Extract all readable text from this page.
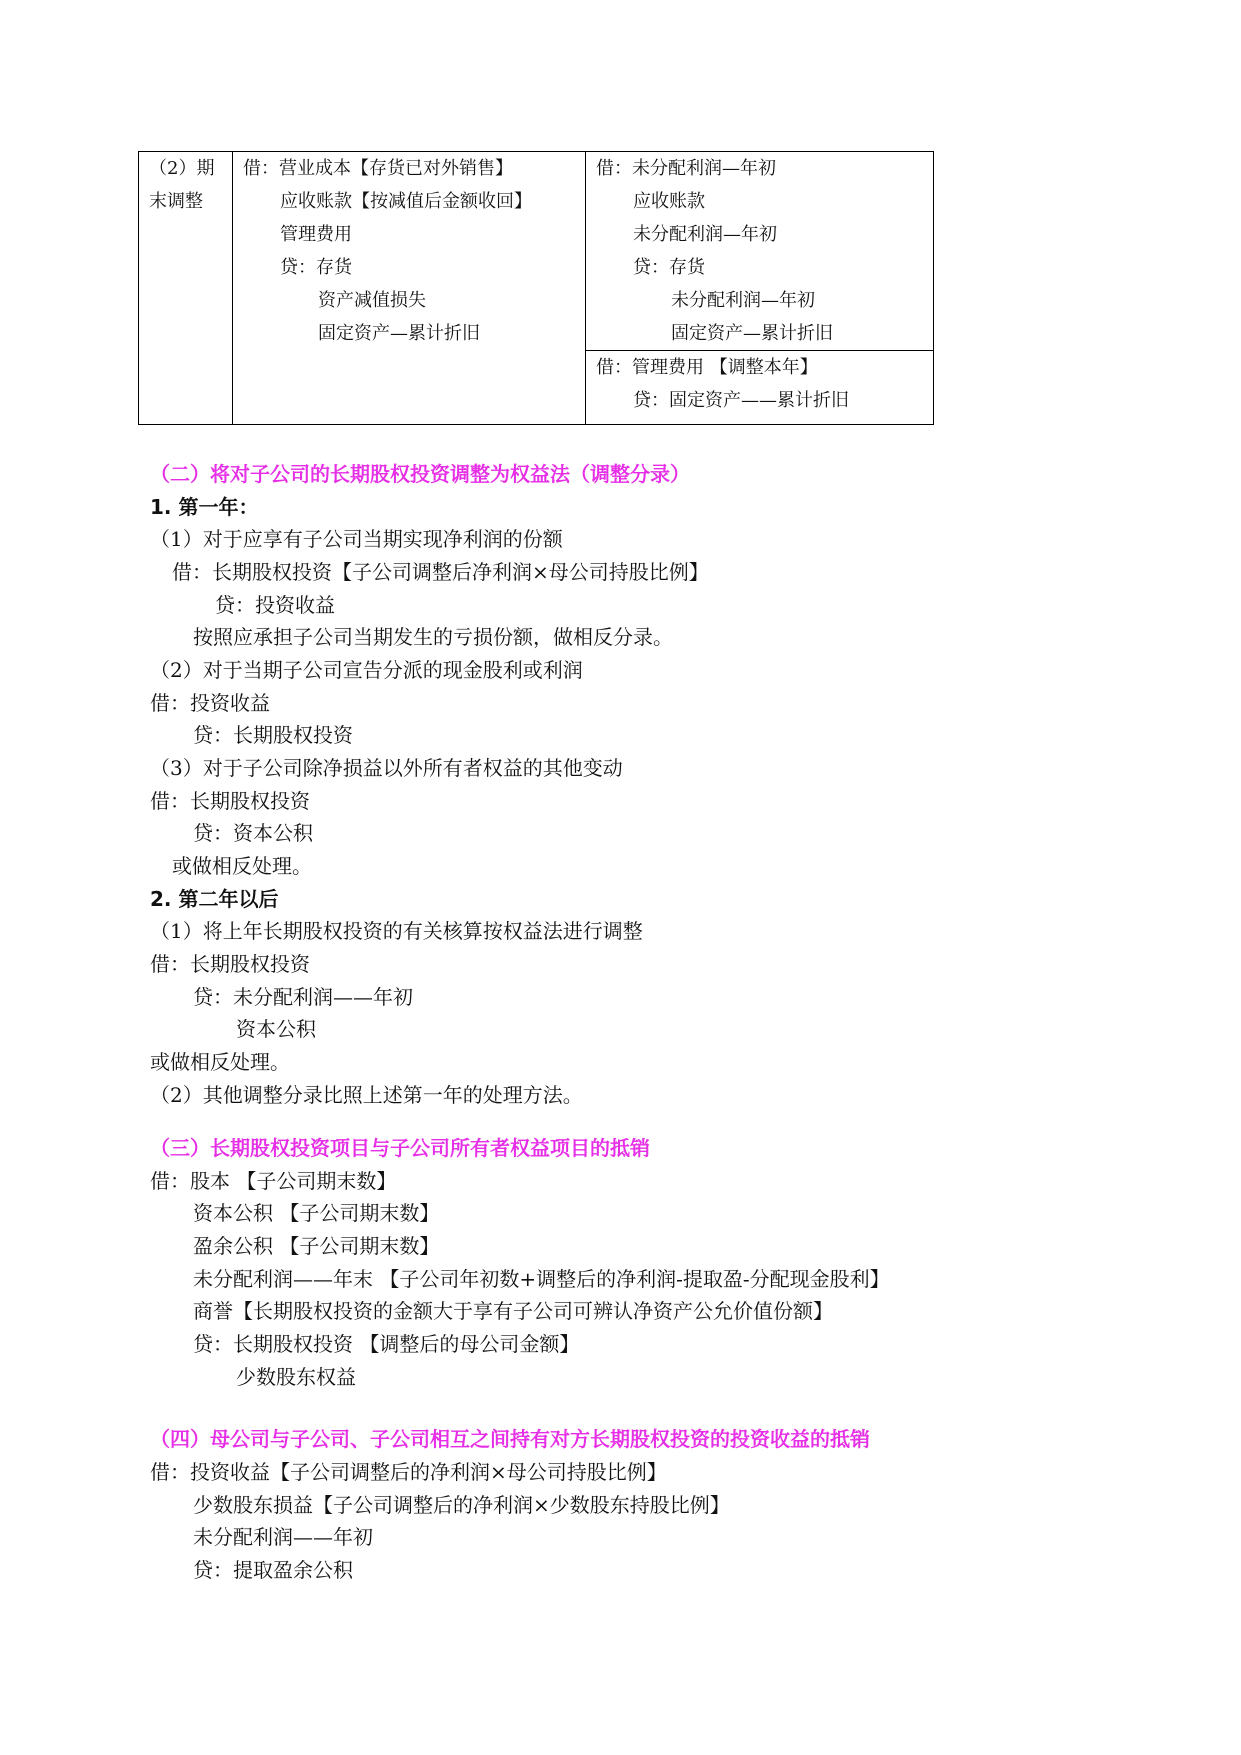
（2）期
末调整

借：营业成本【存货已对外销售】
应收账款【按减值后金额收回】
管理费用
贷：存货
资产减值损失
固定资产—累计折旧

借：未分配利润—年初
应收账款
未分配利润—年初
贷：存货
未分配利润—年初
固定资产—累计折旧

借：管理费用 【调整本年】
贷：固定资产——累计折旧
（二）将对子公司的长期股权投资调整为权益法（调整分录）
1. 第一年：
（1）对于应享有子公司当期实现净利润的份额
借：长期股权投资【子公司调整后净利润×母公司持股比例】
贷：投资收益
按照应承担子公司当期发生的亏损份额，做相反分录。
（2）对于当期子公司宣告分派的现金股利或利润
借：投资收益
贷：长期股权投资
（3）对于子公司除净损益以外所有者权益的其他变动
借：长期股权投资
贷：资本公积
或做相反处理。
2. 第二年以后
（1）将上年长期股权投资的有关核算按权益法进行调整
借：长期股权投资
贷：未分配利润——年初
资本公积
或做相反处理。
（2）其他调整分录比照上述第一年的处理方法。
（三）长期股权投资项目与子公司所有者权益项目的抵销
借：股本 【子公司期末数】
资本公积 【子公司期末数】
盈余公积 【子公司期末数】
未分配利润——年末 【子公司年初数+调整后的净利润-提取盈-分配现金股利】
商誉【长期股权投资的金额大于享有子公司可辨认净资产公允价值份额】
贷：长期股权投资 【调整后的母公司金额】
少数股东权益
（四）母公司与子公司、子公司相互之间持有对方长期股权投资的投资收益的抵销
借：投资收益【子公司调整后的净利润×母公司持股比例】
少数股东损益【子公司调整后的净利润×少数股东持股比例】
未分配利润——年初
贷：提取盈余公积
